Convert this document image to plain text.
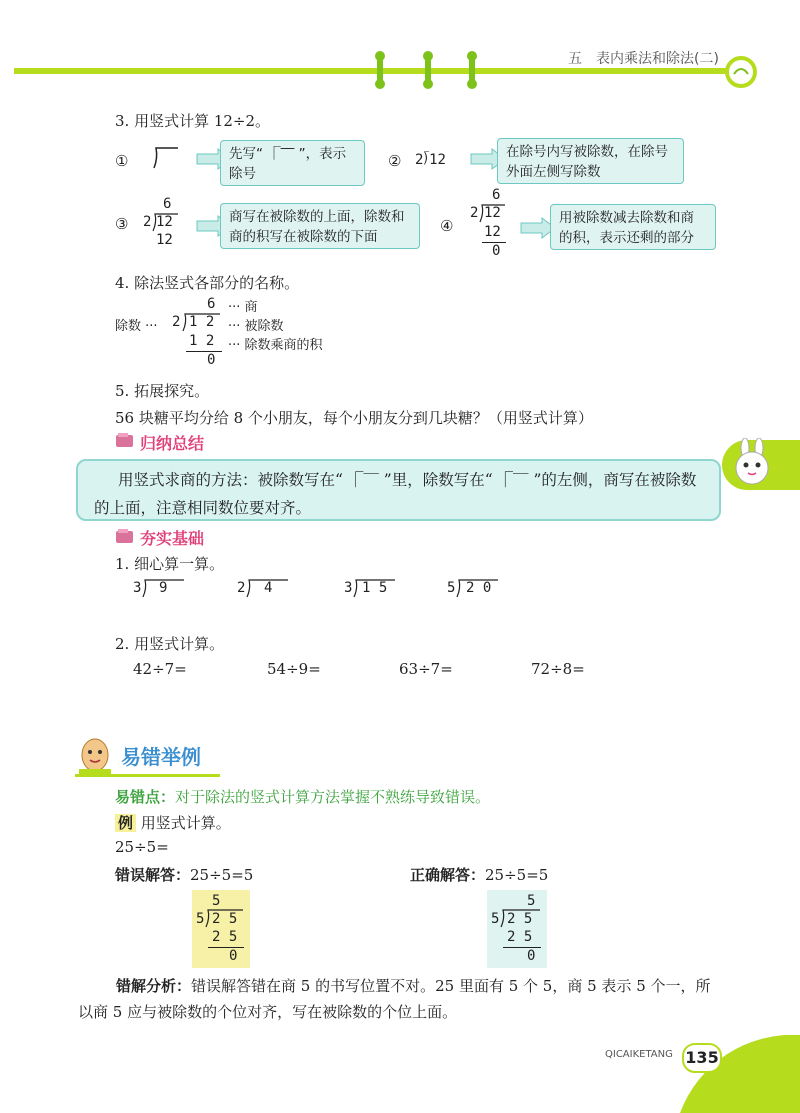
五　表内乘法和除法(二)
3. 用竖式计算 12÷2。
①	先写“ ⎾‾‾ ”，表示除号
② 2⟌12	在除号内写被除数，在除号外面左侧写除数
③
6
2 12
12
商写在被除数的上面，除数和商的积写在被除数的下面
④
6
2 12
12
0
用被除数减去除数和商的积，表示还剩的部分
4. 除法竖式各部分的名称。
6 ··· 商
除数 ··· 2 1 2 ··· 被除数
1 2 ··· 除数乘商的积
0
5. 拓展探究。
56 块糖平均分给 8 个小朋友，每个小朋友分到几块糖？（用竖式计算）
归纳总结
用竖式求商的方法：被除数写在“ ⎾‾‾ ”里，除数写在“ ⎾‾‾ ”的左侧，商写在被除数的上面，注意相同数位要对齐。
夯实基础
1. 细心算一算。
3 9	2 4	3 1 5	5 2 0
2. 用竖式计算。
42÷7=	54÷9=	63÷7=	72÷8=
易错举例
易错点：对于除法的竖式计算方法掌握不熟练导致错误。
例 用竖式计算。
25÷5=
错误解答：25÷5=5	正确解答：25÷5=5
5
5 2 5
2 5
0
5
5 2 5
2 5
0
错解分析：错误解答错在商 5 的书写位置不对。25 里面有 5 个 5，商 5 表示 5 个一，所以商 5 应与被除数的个位对齐，写在被除数的个位上面。
QICAIKETANG 135
